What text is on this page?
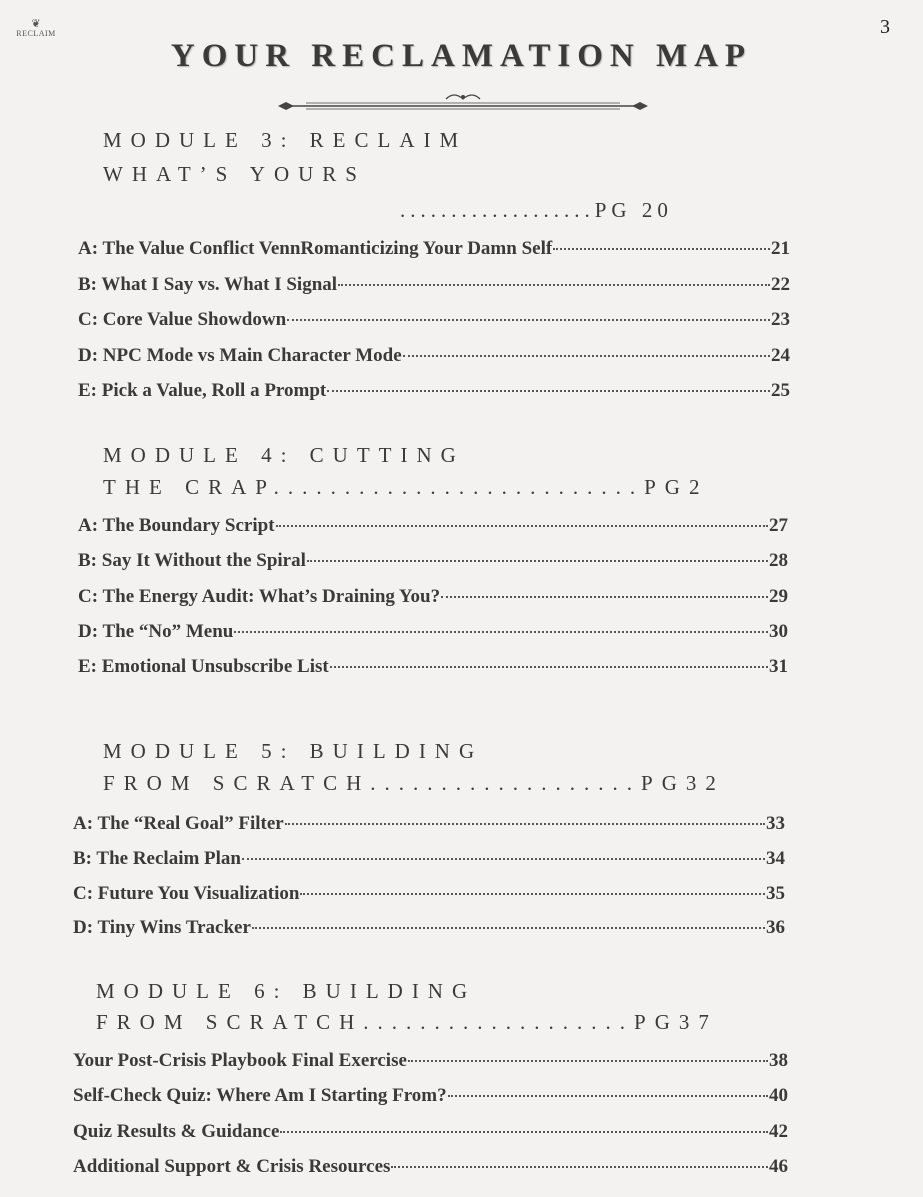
❦
RECLAIM	3
YOUR RECLAMATION MAP
MODULE 3: RECLAIM
WHAT’S YOURS
...................PG 20
A: The Value Conflict VennRomanticizing Your Damn Self	21
B: What I Say vs. What I Signal	22
C: Core Value Showdown	23
D: NPC Mode vs Main Character Mode	24
E: Pick a Value, Roll a Prompt	25
MODULE 4: CUTTING
THE CRAP..........................PG2
A: The Boundary Script	27
B: Say It Without the Spiral	28
C: The Energy Audit: What’s Draining You?	29
D: The “No” Menu	30
E: Emotional Unsubscribe List	31
MODULE 5: BUILDING
FROM SCRATCH...................PG32
A: The “Real Goal” Filter	33
B: The Reclaim Plan	34
C: Future You Visualization	35
D: Tiny Wins Tracker	36
MODULE 6: BUILDING
FROM SCRATCH...................PG37
Your Post-Crisis Playbook Final Exercise	38
Self-Check Quiz: Where Am I Starting From?	40
Quiz Results & Guidance	42
Additional Support & Crisis Resources	46
